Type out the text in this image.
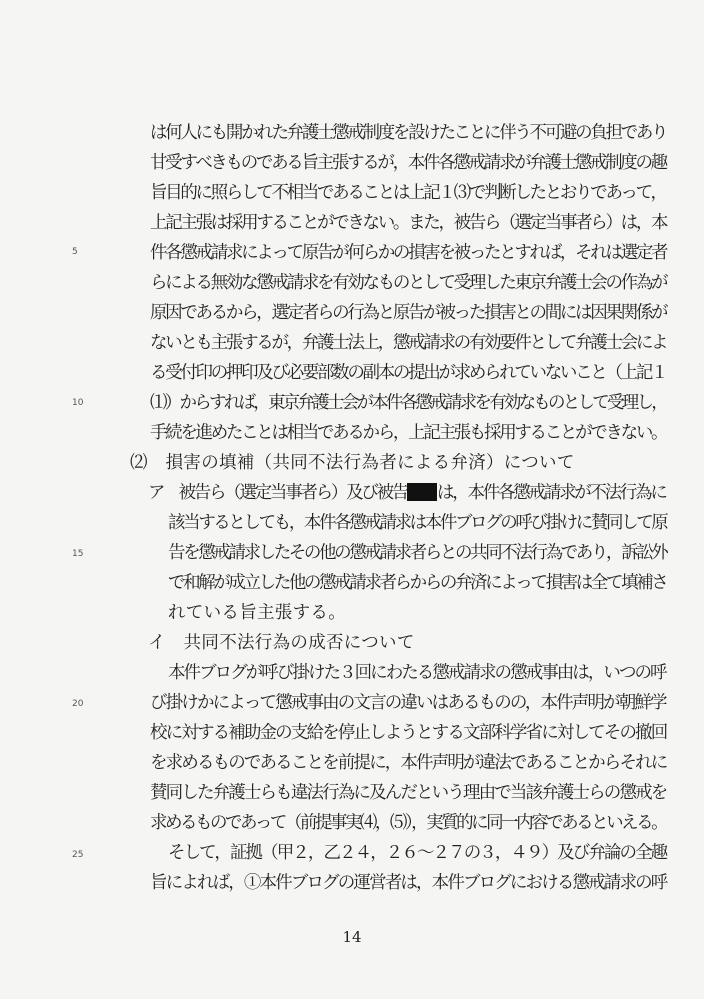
5
10
15
20
25
は何人にも開かれた弁護士懲戒制度を設けたことに伴う不可避の負担であり
甘受すべきものである旨主張するが，本件各懲戒請求が弁護士懲戒制度の趣
旨目的に照らして不相当であることは上記１⑶で判断したとおりであって，
上記主張は採用することができない。また，被告ら（選定当事者ら）は，本
件各懲戒請求によって原告が何らかの損害を被ったとすれば，それは選定者
らによる無効な懲戒請求を有効なものとして受理した東京弁護士会の作為が
原因であるから，選定者らの行為と原告が被った損害との間には因果関係が
ないとも主張するが，弁護士法上，懲戒請求の有効要件として弁護士会によ
る受付印の押印及び必要部数の副本の提出が求められていないこと（上記１
⑴）からすれば，東京弁護士会が本件各懲戒請求を有効なものとして受理し，
手続を進めたことは相当であるから，上記主張も採用することができない。
⑵　損害の填補（共同不法行為者による弁済）について
ア　被告ら（選定当事者ら）及び被告 は，本件各懲戒請求が不法行為に
該当するとしても，本件各懲戒請求は本件ブログの呼び掛けに賛同して原
告を懲戒請求したその他の懲戒請求者らとの共同不法行為であり，訴訟外
で和解が成立した他の懲戒請求者らからの弁済によって損害は全て填補さ
れている旨主張する。
イ　共同不法行為の成否について
本件ブログが呼び掛けた３回にわたる懲戒請求の懲戒事由は，いつの呼
び掛けかによって懲戒事由の文言の違いはあるものの，本件声明が朝鮮学
校に対する補助金の支給を停止しようとする文部科学省に対してその撤回
を求めるものであることを前提に，本件声明が違法であることからそれに
賛同した弁護士らも違法行為に及んだという理由で当該弁護士らの懲戒を
求めるものであって（前提事実⑷，⑸），実質的に同一内容であるといえる。
そして，証拠（甲２，乙２４，２６～２７の３，４９）及び弁論の全趣
旨によれば，①本件ブログの運営者は，本件ブログにおける懲戒請求の呼
14
